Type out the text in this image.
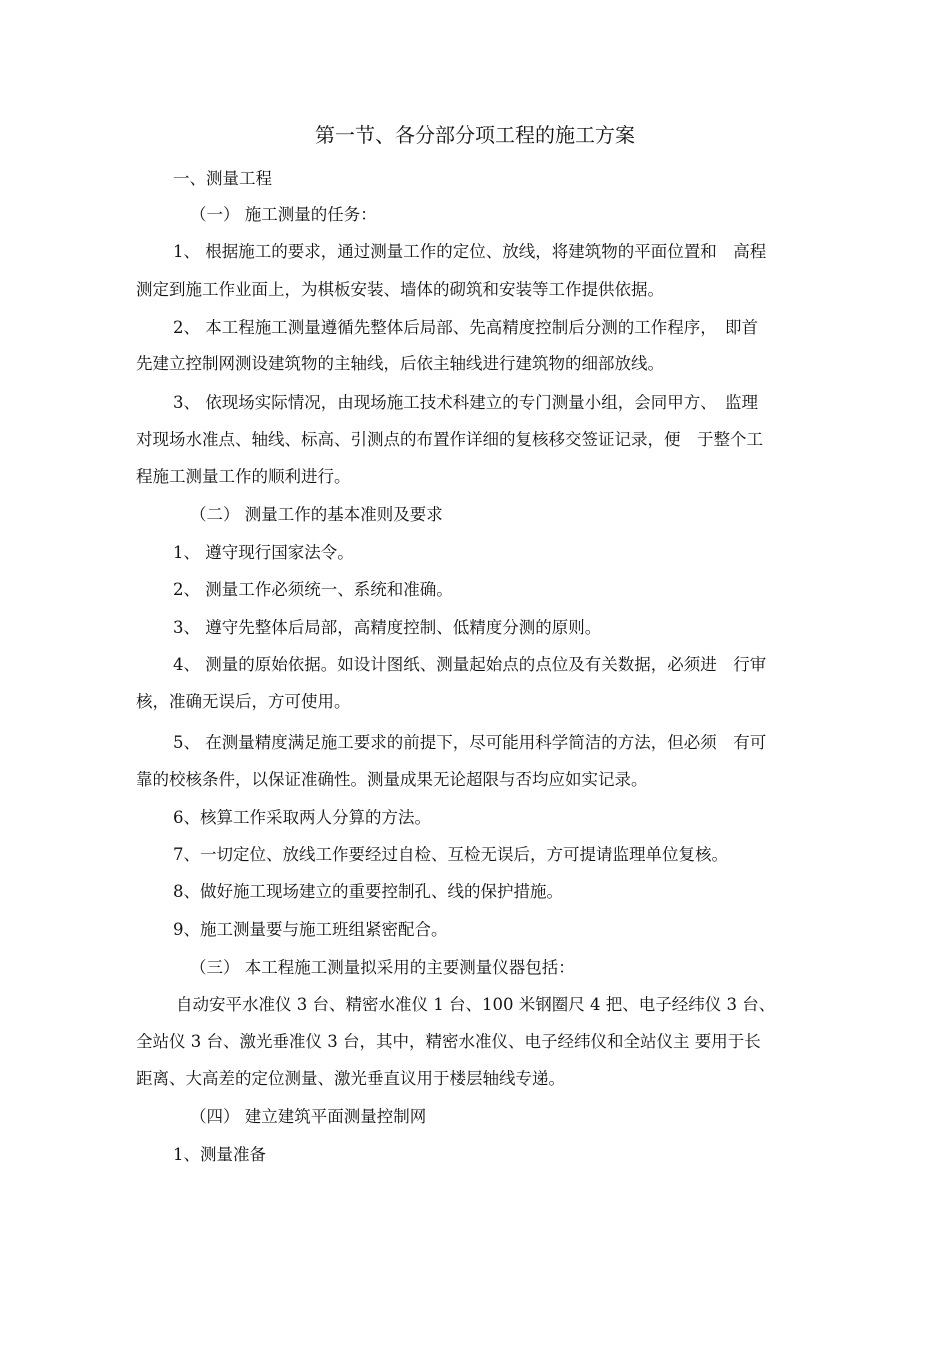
第一节、各分部分项工程的施工方案
一、测量工程
（一） 施工测量的任务：
1、 根据施工的要求，通过测量工作的定位、放线，将建筑物的平面位置和　高程
测定到施工作业面上，为棋板安装、墙体的砌筑和安装等工作提供依据。
2、 本工程施工测量遵循先整体后局部、先高精度控制后分测的工作程序，　即首
先建立控制网测设建筑物的主轴线，后依主轴线进行建筑物的细部放线。
3、 依现场实际情况，由现场施工技术科建立的专门测量小组，会同甲方、　监理
对现场水准点、轴线、标高、引测点的布置作详细的复核移交签证记录，便　于整个工
程施工测量工作的顺利进行。
（二） 测量工作的基本准则及要求
1、 遵守现行国家法令。
2、 测量工作必须统一、系统和准确。
3、 遵守先整体后局部，高精度控制、低精度分测的原则。
4、 测量的原始依据。如设计图纸、测量起始点的点位及有关数据，必须进　行审
核，准确无误后，方可使用。
5、 在测量精度满足施工要求的前提下，尽可能用科学简洁的方法，但必须　有可
靠的校核条件，以保证准确性。测量成果无论超限与否均应如实记录。
6、核算工作采取两人分算的方法。
7、一切定位、放线工作要经过自检、互检无误后，方可提请监理单位复核。
8、做好施工现场建立的重要控制孔、线的保护措施。
9、施工测量要与施工班组紧密配合。
（三） 本工程施工测量拟采用的主要测量仪器包括：
自动安平水准仪 3 台、精密水准仪 1 台、100 米钢圈尺 4 把、电子经纬仪 3 台、
全站仪 3 台、激光垂准仪 3 台，其中，精密水准仪、电子经纬仪和全站仪主 要用于长
距离、大高差的定位测量、激光垂直议用于楼层轴线专递。
（四） 建立建筑平面测量控制网
1、测量准备
